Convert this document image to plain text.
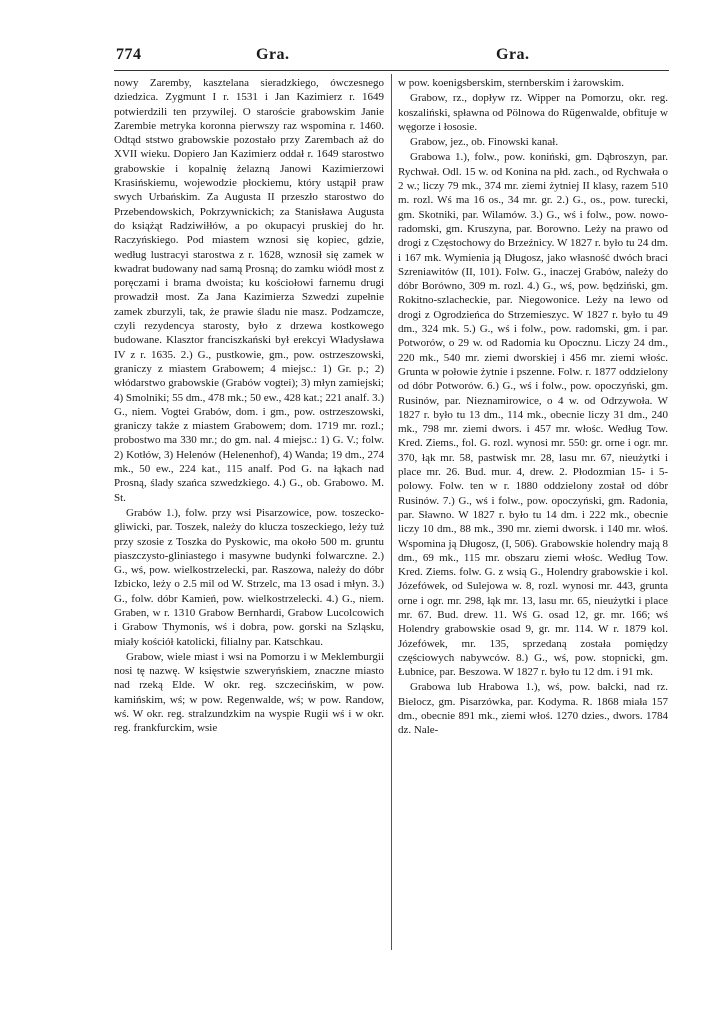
774	Gra.	Gra.

nowy Zaremby, kasztelana sieradzkiego, ówczesnego dziedzica. Zygmunt I r. 1531 i Jan Kazimierz r. 1649 potwierdzili ten przywilej. O staroście grabowskim Janie Zarembie metryka koronna pierwszy raz wspomina r. 1460. Odtąd ststwo grabowskie pozostało przy Zarembach aż do XVII wieku. Dopiero Jan Kazimierz oddał r. 1649 starostwo grabowskie i kopalnię żelazną Janowi Kazimierzowi Krasińskiemu, wojewodzie płockiemu, który ustąpił praw swych Urbańskim. Za Augusta II przeszło starostwo do Przebendowskich, Pokrzywnickich; za Stanisława Augusta do książąt Radziwiłłów, a po okupacyi pruskiej do hr. Raczyńskiego. Pod miastem wznosi się kopiec, gdzie, według lustracyi starostwa z r. 1628, wznosił się zamek w kwadrat budowany nad samą Prosną; do zamku wiódł most z poręczami i brama dwoista; ku kościołowi farnemu drugi prowadził most. Za Jana Kazimierza Szwedzi zupełnie zamek zburzyli, tak, że prawie śladu nie masz. Podzamcze, czyli rezydencya starosty, było z drzewa kostkowego budowane. Klasztor franciszkański był erekcyi Władysława IV z r. 1635. 2.) G., pustkowie, gm., pow. ostrzeszowski, graniczy z miastem Grabowem; 4 miejsc.: 1) Gr. p.; 2) włódarstwo grabowskie (Grabów vogtei); 3) młyn zamiejski; 4) Smolniki; 55 dm., 478 mk.; 50 ew., 428 kat.; 221 analf. 3.) G., niem. Vogtei Grabów, dom. i gm., pow. ostrzeszowski, graniczy także z miastem Grabowem; dom. 1719 mr. rozl.; probostwo ma 330 mr.; do gm. nal. 4 miejsc.: 1) G. V.; folw. 2) Kotłów, 3) Helenów (Helenenhof), 4) Wanda; 19 dm., 274 mk., 50 ew., 224 kat., 115 analf. Pod G. na łąkach nad Prosną, ślady szańca szwedzkiego. 4.) G., ob. Grabowo. M. St.

Grabów 1.), folw. przy wsi Pisarzowice, pow. toszecko-gliwicki, par. Toszek, należy do klucza toszeckiego, leży tuż przy szosie z Toszka do Pyskowic, ma około 500 m. gruntu piaszczysto-gliniastego i masywne budynki folwarczne. 2.) G., wś, pow. wielkostrzelecki, par. Raszowa, należy do dóbr Izbicko, leży o 2.5 mil od W. Strzelc, ma 13 osad i młyn. 3.) G., folw. dóbr Kamień, pow. wielkostrzelecki. 4.) G., niem. Graben, w r. 1310 Grabow Bernhardi, Grabow Lucolcowich i Grabow Thymonis, wś i dobra, pow. gorski na Szląsku, miały kościół katolicki, filialny par. Katschkau.

Grabow, wiele miast i wsi na Pomorzu i w Meklemburgii nosi tę nazwę. W księstwie szweryńskiem, znaczne miasto nad rzeką Elde. W okr. reg. szczecińskim, w pow. kamińskim, wś; w pow. Regenwalde, wś; w pow. Randow, wś. W okr. reg. stralzundzkim na wyspie Rugii wś i w okr. reg. frankfurckim, wsie

w pow. koenigsberskim, sternberskim i żarowskim.

Grabow, rz., dopływ rz. Wipper na Pomorzu, okr. reg. koszaliński, spławna od Pölnowa do Rügenwalde, obfituje w węgorze i łososie.

Grabow, jez., ob. Finowski kanał.

Grabowa 1.), folw., pow. koniński, gm. Dąbroszyn, par. Rychwał. Odl. 15 w. od Konina na płd. zach., od Rychwała o 2 w.; liczy 79 mk., 374 mr. ziemi żytniej II klasy, razem 510 m. rozl. Wś ma 16 os., 34 mr. gr. 2.) G., os., pow. turecki, gm. Skotniki, par. Wilamów. 3.) G., wś i folw., pow. nowo-radomski, gm. Kruszyna, par. Borowno. Leży na prawo od drogi z Częstochowy do Brzeźnicy. W 1827 r. było tu 24 dm. i 167 mk. Wymienia ją Długosz, jako własność dwóch braci Szreniawitów (II, 101). Folw. G., inaczej Grabów, należy do dóbr Borówno, 309 m. rozl. 4.) G., wś, pow. będziński, gm. Rokitno-szlacheckie, par. Niegowonice. Leży na lewo od drogi z Ogrodzieńca do Strzemieszyc. W 1827 r. było tu 49 dm., 324 mk. 5.) G., wś i folw., pow. radomski, gm. i par. Potworów, o 29 w. od Radomia ku Opocznu. Liczy 24 dm., 220 mk., 540 mr. ziemi dworskiej i 456 mr. ziemi włośc. Grunta w połowie żytnie i pszenne. Folw. r. 1877 oddzielony od dóbr Potworów. 6.) G., wś i folw., pow. opoczyński, gm. Rusinów, par. Nieznamirowice, o 4 w. od Odrzywoła. W 1827 r. było tu 13 dm., 114 mk., obecnie liczy 31 dm., 240 mk., 798 mr. ziemi dwors. i 457 mr. włośc. Według Tow. Kred. Ziems., fol. G. rozl. wynosi mr. 550: gr. orne i ogr. mr. 370, łąk mr. 58, pastwisk mr. 28, lasu mr. 67, nieużytki i place mr. 26. Bud. mur. 4, drew. 2. Płodozmian 15- i 5-polowy. Folw. ten w r. 1880 oddzielony został od dóbr Rusinów. 7.) G., wś i folw., pow. opoczyński, gm. Radonia, par. Sławno. W 1827 r. było tu 14 dm. i 222 mk., obecnie liczy 10 dm., 88 mk., 390 mr. ziemi dworsk. i 140 mr. włoś. Wspomina ją Długosz, (I, 506). Grabowskie holendry mają 8 dm., 69 mk., 115 mr. obszaru ziemi włośc. Według Tow. Kred. Ziems. folw. G. z wsią G., Holendry grabowskie i kol. Józefówek, od Sulejowa w. 8, rozl. wynosi mr. 443, grunta orne i ogr. mr. 298, łąk mr. 13, lasu mr. 65, nieużytki i place mr. 67. Bud. drew. 11. Wś G. osad 12, gr. mr. 166; wś Holendry grabowskie osad 9, gr. mr. 114. W r. 1879 kol. Józefówek, mr. 135, sprzedaną została pomiędzy częściowych nabywców. 8.) G., wś, pow. stopnicki, gm. Łubnice, par. Beszowa. W 1827 r. było tu 12 dm. i 91 mk.

Grabowa lub Hrabowa 1.), wś, pow. bałcki, nad rz. Bielocz, gm. Pisarzówka, par. Kodyma. R. 1868 miała 157 dm., obecnie 891 mk., ziemi włoś. 1270 dzies., dwors. 1784 dz. Nale-
